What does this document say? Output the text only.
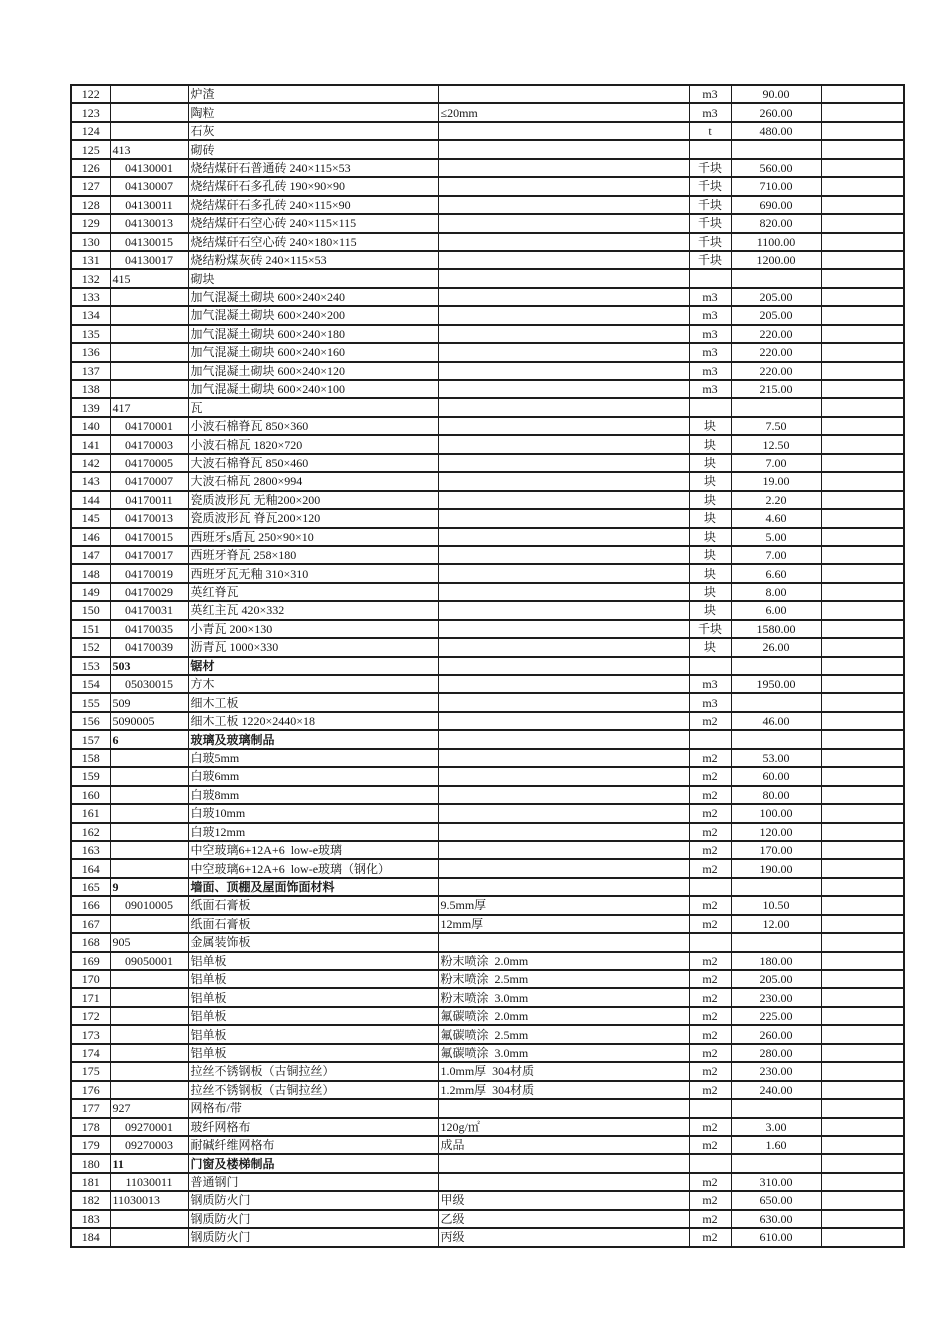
122		炉渣		m3	90.00	
123		陶粒	≤20mm	m3	260.00	
124		石灰		t	480.00	
125	413	砌砖				
126	04130001	烧结煤矸石普通砖 240×115×53		千块	560.00	
127	04130007	烧结煤矸石多孔砖 190×90×90		千块	710.00	
128	04130011	烧结煤矸石多孔砖 240×115×90		千块	690.00	
129	04130013	烧结煤矸石空心砖 240×115×115		千块	820.00	
130	04130015	烧结煤矸石空心砖 240×180×115		千块	1100.00	
131	04130017	烧结粉煤灰砖 240×115×53		千块	1200.00	
132	415	砌块				
133		加气混凝土砌块 600×240×240		m3	205.00	
134		加气混凝土砌块 600×240×200		m3	205.00	
135		加气混凝土砌块 600×240×180		m3	220.00	
136		加气混凝土砌块 600×240×160		m3	220.00	
137		加气混凝土砌块 600×240×120		m3	220.00	
138		加气混凝土砌块 600×240×100		m3	215.00	
139	417	瓦				
140	04170001	小波石棉脊瓦 850×360		块	7.50	
141	04170003	小波石棉瓦 1820×720		块	12.50	
142	04170005	大波石棉脊瓦 850×460		块	7.00	
143	04170007	大波石棉瓦 2800×994		块	19.00	
144	04170011	瓷质波形瓦 无釉200×200		块	2.20	
145	04170013	瓷质波形瓦 脊瓦200×120		块	4.60	
146	04170015	西班牙s盾瓦 250×90×10		块	5.00	
147	04170017	西班牙脊瓦 258×180		块	7.00	
148	04170019	西班牙瓦无釉 310×310		块	6.60	
149	04170029	英红脊瓦		块	8.00	
150	04170031	英红主瓦 420×332		块	6.00	
151	04170035	小青瓦 200×130		千块	1580.00	
152	04170039	沥青瓦 1000×330		块	26.00	
153	503	锯材				
154	05030015	方木		m3	1950.00	
155	509	细木工板		m3		
156	5090005	细木工板 1220×2440×18		m2	46.00	
157	6	玻璃及玻璃制品				
158		白玻5mm		m2	53.00	
159		白玻6mm		m2	60.00	
160		白玻8mm		m2	80.00	
161		白玻10mm		m2	100.00	
162		白玻12mm		m2	120.00	
163		中空玻璃6+12A+6  low-e玻璃		m2	170.00	
164		中空玻璃6+12A+6  low-e玻璃（钢化）		m2	190.00	
165	9	墙面、顶棚及屋面饰面材料				
166	09010005	纸面石膏板	9.5mm厚	m2	10.50	
167		纸面石膏板	12mm厚	m2	12.00	
168	905	金属装饰板				
169	09050001	铝单板	粉末喷涂  2.0mm	m2	180.00	
170		铝单板	粉末喷涂  2.5mm	m2	205.00	
171		铝单板	粉末喷涂  3.0mm	m2	230.00	
172		铝单板	氟碳喷涂  2.0mm	m2	225.00	
173		铝单板	氟碳喷涂  2.5mm	m2	260.00	
174		铝单板	氟碳喷涂  3.0mm	m2	280.00	
175		拉丝不锈钢板（古铜拉丝）	1.0mm厚  304材质	m2	230.00	
176		拉丝不锈钢板（古铜拉丝）	1.2mm厚  304材质	m2	240.00	
177	927	网格布/带				
178	09270001	玻纤网格布	120g/㎡	m2	3.00	
179	09270003	耐碱纤维网格布	成品	m2	1.60	
180	11	门窗及楼梯制品				
181	11030011	普通钢门		m2	310.00	
182	11030013	钢质防火门	甲级	m2	650.00	
183		钢质防火门	乙级	m2	630.00	
184		钢质防火门	丙级	m2	610.00	
